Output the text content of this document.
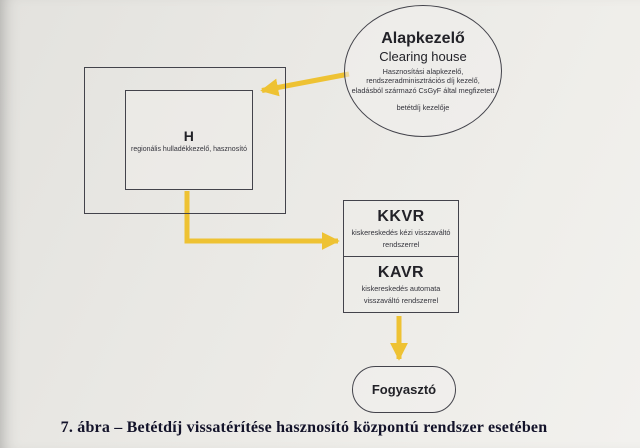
H
regionális hulladékkezelő, hasznosító
Alapkezelő
Clearing house
Hasznosítási alapkezelő,
rendszeradminisztrációs díj kezelő,
eladásból származó CsGyF által megfizetett
betétdíj kezelője
KKVR
kiskereskedés kézi visszaváltó
rendszerrel
KAVR
kiskereskedés automata
visszaváltó rendszerrel
Fogyasztó
7. ábra – Betétdíj vissatérítése hasznosító központú rendszer esetében
